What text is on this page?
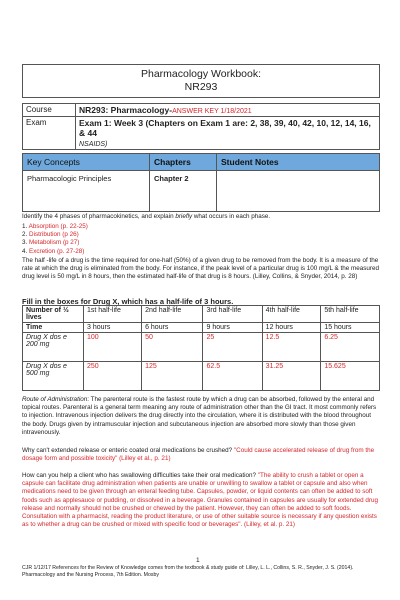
Pharmacology Workbook:
NR293
Course	NR293: Pharmacology-ANSWER KEY 1/18/2021
Exam	Exam 1: Week 3 (Chapters on Exam 1 are: 2, 38, 39, 40, 42, 10, 12, 14, 16, & 44
NSAIDS)
Key Concepts	Chapters	Student Notes
Pharmacologic Principles	Chapter 2	
Identify the 4 phases of pharmacokinetics, and explain briefly what occurs in each phase.
1. Absorption (p. 22-25)
2. Distribution (p 26)
3. Metabolism (p 27)
4. Excretion (p. 27-28)
The half -life of a drug is the time required for one-half (50%) of a given drug to be removed from the body. It is a measure of the rate at which the drug is eliminated from the body. For instance, if the peak level of a particular drug is 100 mg/L & the measured drug level is 50 mg/L in 8 hours, then the estimated half-life of that drug is 8 hours. (Lilley, Collins, & Snyder, 2014, p. 28)
Fill in the boxes for Drug X, which has a half-life of 3 hours.
Number of ½ lives	1st half-life	2nd half-life	3rd half-life	4th half-life	5th half-life
Time	3 hours	6 hours	9 hours	12 hours	15 hours
Drug X dos e 200 mg	100	50	25	12.5	6.25
Drug X dos e 500 mg	250	125	62.5	31.25	15.625
Route of Administration: The parenteral route is the fastest route by which a drug can be absorbed, followed by the enteral and topical routes. Parenteral is a general term meaning any route of administration other than the GI tract. It most commonly refers to injection. Intravenous injection delivers the drug directly into the circulation, where it is distributed with the blood throughout the body. Drugs given by intramuscular injection and subcutaneous injection are absorbed more slowly than those given intravenously.
Why can't extended release or enteric coated oral medications be crushed? "Could cause accelerated release of drug from the dosage form and possible toxicity" (Lilley et al., p. 21)
How can you help a client who has swallowing difficulties take their oral medication? "The ability to crush a tablet or open a capsule can facilitate drug administration when patients are unable or unwilling to swallow a tablet or capsule and also when medications need to be given through an enteral feeding tube. Capsules, powder, or liquid contents can often be added to soft foods such as applesauce or pudding, or dissolved in a beverage. Granules contained in capsules are usually for extended drug release and normally should not be crushed or chewed by the patient. However, they can often be added to soft foods. Consultation with a pharmacist, reading the product literature, or use of other suitable source is necessary if any question exists as to whether a drug can be crushed or mixed with specific food or beverages". (Lilley, et al. p. 21)
1
CJR 1/12/17 References for the Review of Knowledge comes from the textbook & study guide of: Lilley, L. L., Collins, S. R., Snyder, J. S. (2014). Pharmacology and the Nursing Process, 7th Edition. Mosby
